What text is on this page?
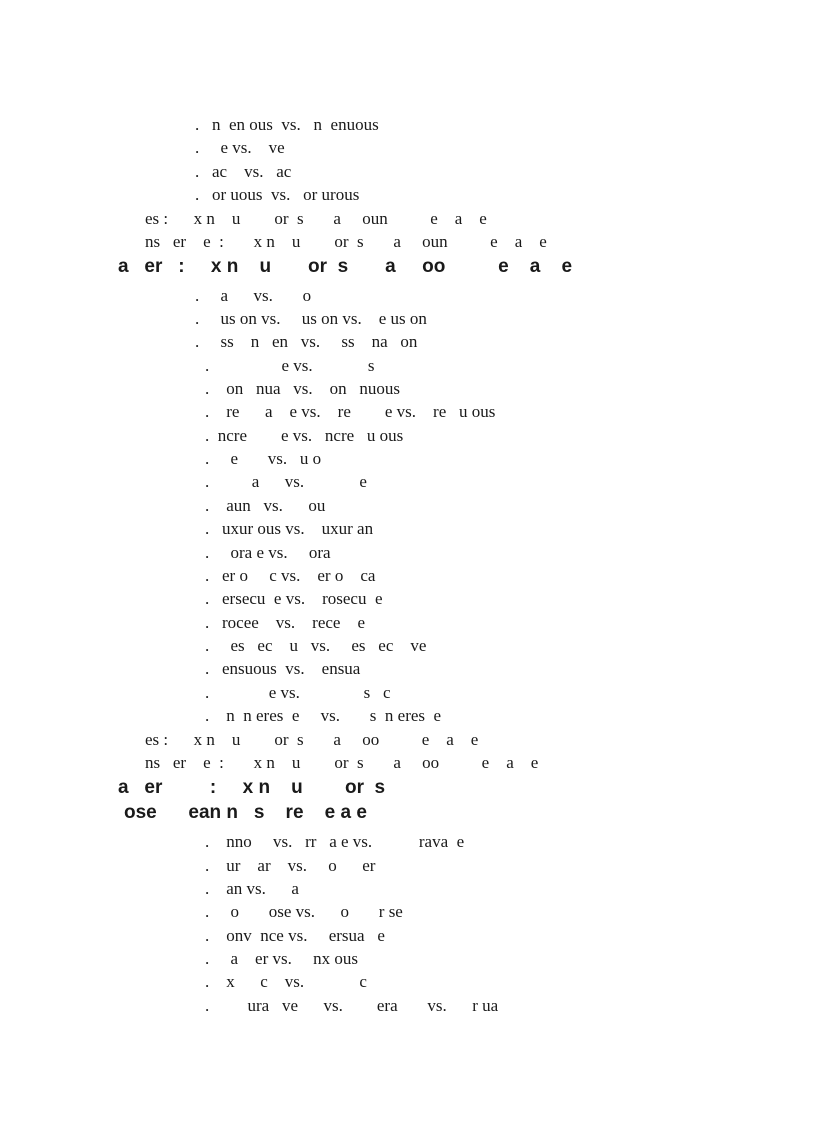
.   n  en ous  vs.   n  enuous
.     e vs.    ve
.   ac    vs.   ac
.   or uous  vs.   or urous
es :      x n    u        or  s       a     oun          e    a    e
ns   er    e  :       x n    u        or  s       a     oun          e    a    e
a   er   :     x n    u       or  s       a     oo          e    a    e
.     a      vs.       o
.     us on vs.     us on vs.    e us on
.     ss    n   en   vs.     ss    na   on
.                 e vs.             s
.    on   nua   vs.    on   nuous
.    re      a    e vs.    re        e vs.    re   u ous
.  ncre        e vs.   ncre   u ous
.     e       vs.   u o
.          a      vs.             e
.    aun   vs.      ou
.   uxur ous vs.    uxur an
.     ora e vs.     ora
.   er o     c vs.    er o    ca
.   ersecu  e vs.    rosecu  e
.   rocee    vs.    rece    e
.     es   ec    u   vs.     es   ec    ve
.   ensuous  vs.    ensua
.              e vs.               s   c
.    n  n eres  e     vs.       s  n eres  e
es :      x n    u        or  s       a     oo          e    a    e
ns   er    e  :       x n    u        or  s       a     oo          e    a    e
a   er         :     x n    u        or  s
ose      ean n   s    re    e a e
.    nno     vs.   rr   a e vs.           rava  e
.    ur    ar    vs.     o      er
.    an vs.      a
.     o       ose vs.      o       r se
.    onv  nce vs.     ersua   e
.     a    er vs.     nx ous
.    x      c    vs.             c
.         ura   ve      vs.        era       vs.      r ua
